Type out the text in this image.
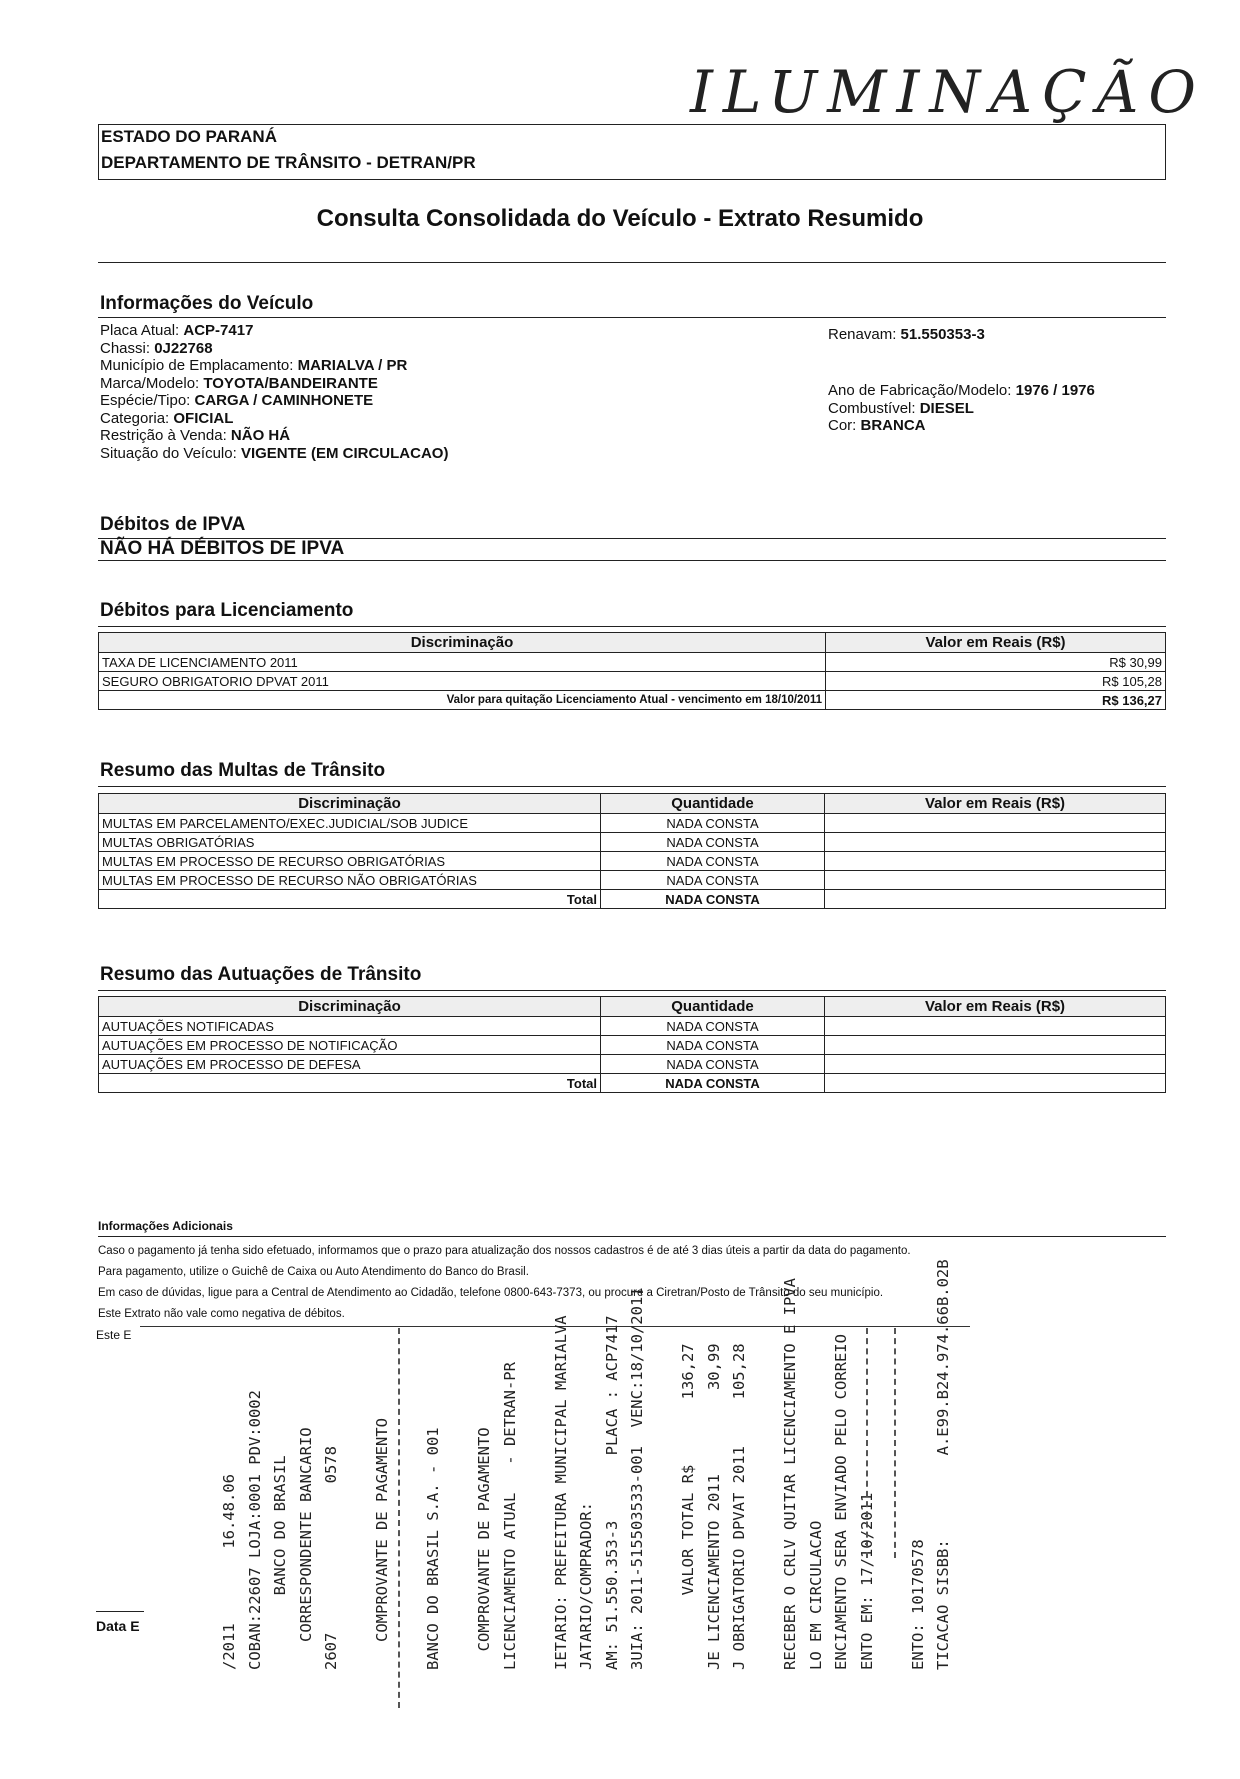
ILUMINAÇÃO
ESTADO DO PARANÁ
DEPARTAMENTO DE TRÂNSITO - DETRAN/PR
Consulta Consolidada do Veículo - Extrato Resumido
Informações do Veículo
Placa Atual: ACP-7417
Chassi: 0J22768
Município de Emplacamento: MARIALVA / PR
Marca/Modelo: TOYOTA/BANDEIRANTE
Espécie/Tipo: CARGA / CAMINHONETE
Categoria: OFICIAL
Restrição à Venda: NÃO HÁ
Situação do Veículo: VIGENTE (EM CIRCULACAO)
Renavam: 51.550353-3
Ano de Fabricação/Modelo: 1976 / 1976
Combustível: DIESEL
Cor: BRANCA
Débitos de IPVA
NÃO HÁ DÉBITOS DE IPVA
Débitos para Licenciamento
Discriminação	Valor em Reais (R$)
TAXA DE LICENCIAMENTO 2011	R$ 30,99
SEGURO OBRIGATORIO DPVAT 2011	R$ 105,28
Valor para quitação Licenciamento Atual - vencimento em 18/10/2011	R$ 136,27
Resumo das Multas de Trânsito
Discriminação	Quantidade	Valor em Reais (R$)
MULTAS EM PARCELAMENTO/EXEC.JUDICIAL/SOB JUDICE	NADA CONSTA	
MULTAS OBRIGATÓRIAS	NADA CONSTA	
MULTAS EM PROCESSO DE RECURSO OBRIGATÓRIAS	NADA CONSTA	
MULTAS EM PROCESSO DE RECURSO NÃO OBRIGATÓRIAS	NADA CONSTA	
Total	NADA CONSTA	
Resumo das Autuações de Trânsito
Discriminação	Quantidade	Valor em Reais (R$)
AUTUAÇÕES NOTIFICADAS	NADA CONSTA	
AUTUAÇÕES EM PROCESSO DE NOTIFICAÇÃO	NADA CONSTA	
AUTUAÇÕES EM PROCESSO DE DEFESA	NADA CONSTA	
Total	NADA CONSTA	
Informações Adicionais
Caso o pagamento já tenha sido efetuado, informamos que o prazo para atualização dos nossos cadastros é de até 3 dias úteis a partir da data do pagamento.
Para pagamento, utilize o Guichê de Caixa ou Auto Atendimento do Banco do Brasil.
Em caso de dúvidas, ligue para a Central de Atendimento ao Cidadão, telefone 0800-643-7373, ou procure a Ciretran/Posto de Trânsito do seu município.
Este Extrato não vale como negativa de débitos.
Este E
Data E	/2011        16.48.06 COBAN:22607 LOJA:0001 PDV:0002 BANCO DO BRASIL CORRESPONDENTE BANCARIO 2607                0578 COMPROVANTE DE PAGAMENTO BANCO DO BRASIL S.A. - 001 COMPROVANTE DE PAGAMENTO LICENCIAMENTO ATUAL   - DETRAN-PR IETARIO: PREFEITURA MUNICIPAL MARIALVA JATARIO/COMPRADOR: AM: 51.550.353-3       PLACA : ACP7417 3UIA: 2011-515503533-001  VENC:18/10/2011 VALOR TOTAL R$       136,27 JE LICENCIAMENTO 2011         30,99 J OBRIGATORIO DPVAT 2011     105,28 RECEBER O CRLV QUITAR LICENCIAMENTO E IPVA LO EM CIRCULACAO ENCIAMENTO SERA ENVIADO PELO CORREIO ENTO EM: 17/10/2011 ENTO: 10170578 TICACAO SISBB:         A.E99.B24.974.66B.02B
